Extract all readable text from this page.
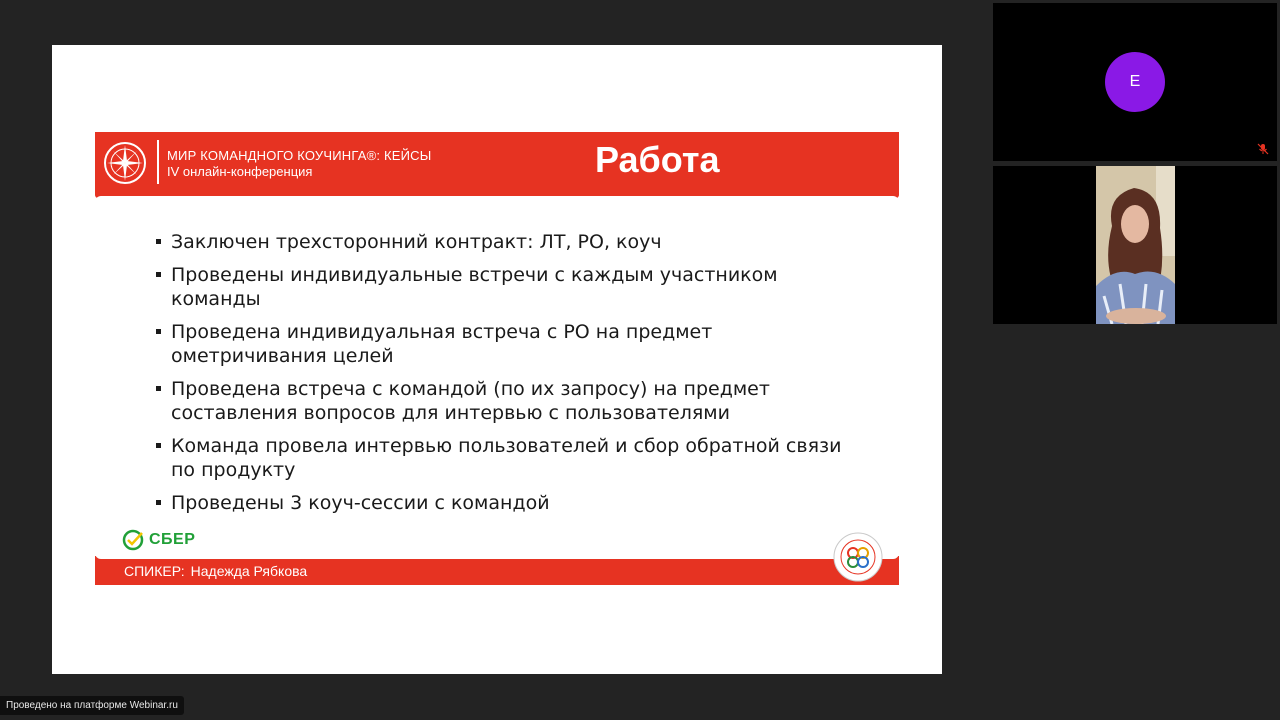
МИР КОМАНДНОГО КОУЧИНГА®: КЕЙСЫ
IV онлайн-конференция	Работа
Заключен трехсторонний контракт: ЛТ, РО, коуч
Проведены индивидуальные встречи с каждым участником команды
Проведена индивидуальная встреча с РО на предмет ометричивания целей
Проведена встреча с командой (по их запросу) на предмет составления вопросов для интервью с пользователями
Команда провела интервью пользователей и сбор обратной связи по продукту
Проведены 3 коуч-сессии с командой
СБЕР
СПИКЕР: Надежда Рябкова
E
Проведено на платформе Webinar.ru
